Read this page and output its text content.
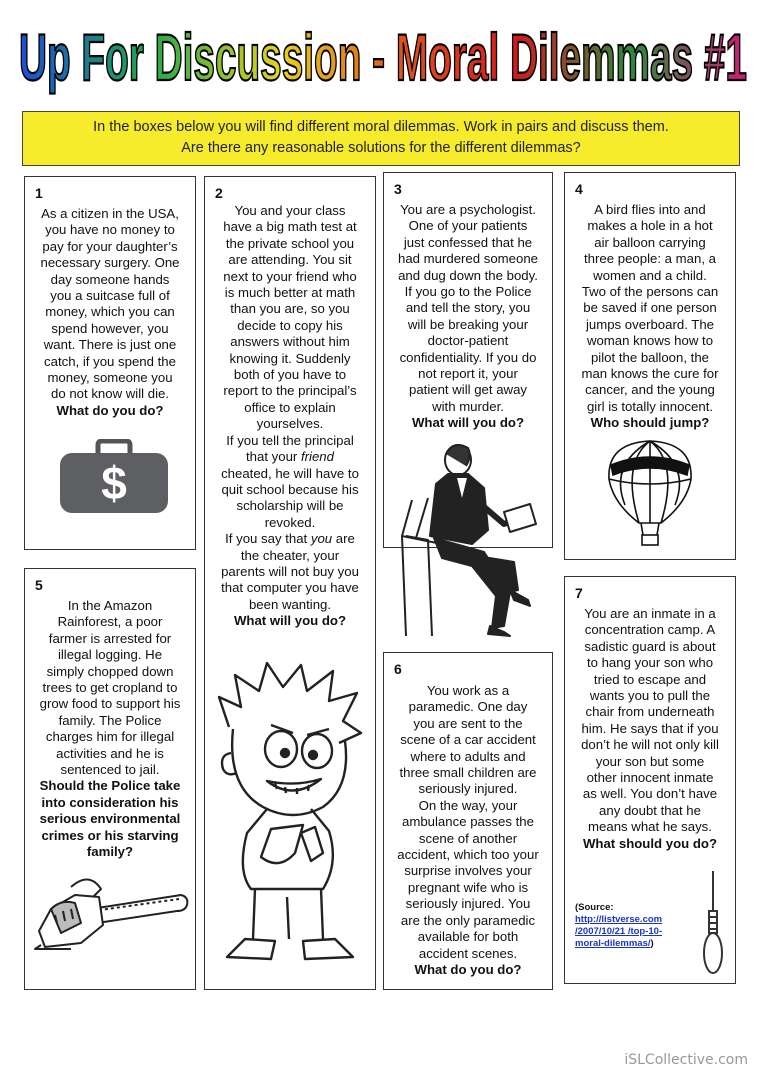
Up For Discussion - Moral Dilemmas #1
In the boxes below you will find different moral dilemmas. Work in pairs and discuss them.
Are there any reasonable solutions for the different dilemmas?
1

As a citizen in the USA,

you have no money to

pay for your daughter’s

necessary surgery. One

day someone hands

you a suitcase full of

money, which you can

spend however, you

want. There is just one

catch, if you spend the

money, someone you

do not know will die.

What do you do?

$
2

You and your class

have a big math test at

the private school you

are attending. You sit

next to your friend who

is much better at math

than you are, so you

decide to copy his

answers without him

knowing it. Suddenly

both of you have to

report to the principal’s

office to explain

yourselves.

If you tell the principal

that your friend

cheated, he will have to

quit school because his

scholarship will be

revoked.

If you say that you are

the cheater, your

parents will not buy you

that computer you have

been wanting.

What will you do?

3

You are a psychologist.

One of your patients

just confessed that he

had murdered someone

and dug down the body.

If you go to the Police

and tell the story, you

will be breaking your

doctor-patient

confidentiality. If you do

not report it, your

patient will get away

with murder.

What will you do?

4

A bird flies into and

makes a hole in a hot

air balloon carrying

three people: a man, a

women and a child.

Two of the persons can

be saved if one person

jumps overboard. The

woman knows how to

pilot the balloon, the

man knows the cure for

cancer, and the young

girl is totally innocent.

Who should jump?

5

In the Amazon

Rainforest, a poor

farmer is arrested for

illegal logging. He

simply chopped down

trees to get cropland to

grow food to support his

family. The Police

charges him for illegal

activities and he is

sentenced to jail.

Should the Police take

into consideration his

serious environmental

crimes or his starving

family?

6

You work as a

paramedic. One day

you are sent to the

scene of a car accident

where to adults and

three small children are

seriously injured.

On the way, your

ambulance passes the

scene of another

accident, which too your

surprise involves your

pregnant wife who is

seriously injured. You

are the only paramedic

available for both

accident scenes.

What do you do?

7

You are an inmate in a

concentration camp. A

sadistic guard is about

to hang your son who

tried to escape and

wants you to pull the

chair from underneath

him. He says that if you

don’t he will not only kill

your son but some

other innocent inmate

as well. You don’t have

any doubt that he

means what he says.

What should you do?

(Source:
http://listverse.com
/2007/10/21 /top-10-
moral-dilemmas/)
iSLCollective.com
